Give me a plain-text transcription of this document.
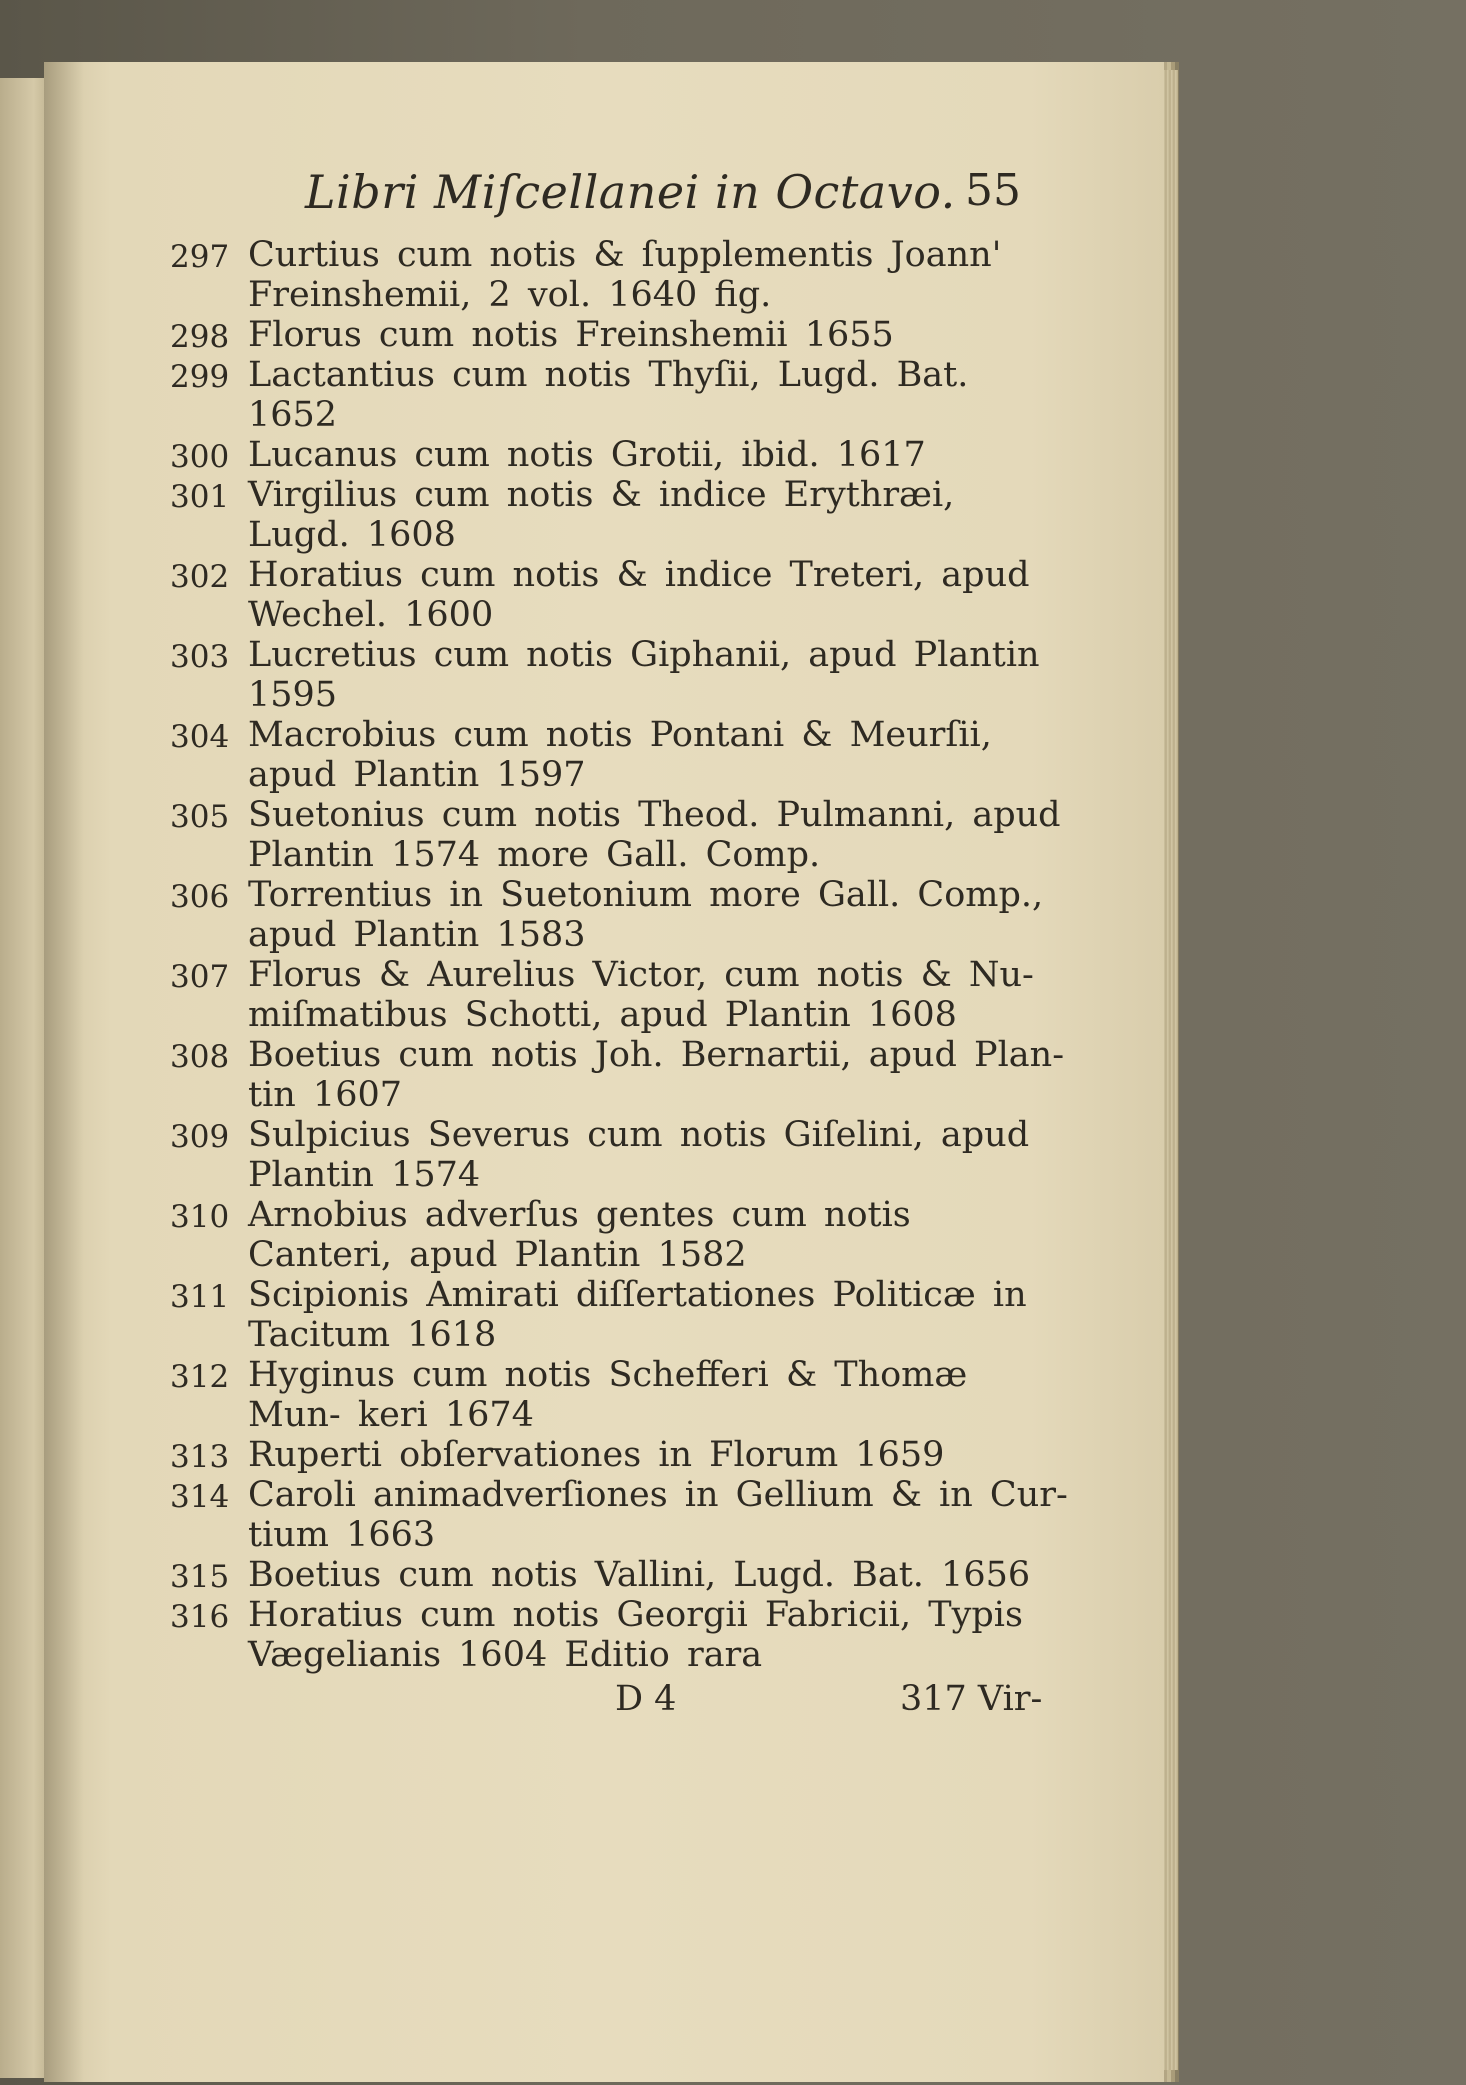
Libri Miſcellanei in Octavo. 55
297 Curtius cum notis & ſupplementis Joann' Freinshemii, 2 vol. 1640 fig.
298 Florus cum notis Freinshemii 1655
299 Lactantius cum notis Thyſii, Lugd. Bat. 1652
300 Lucanus cum notis Grotii, ibid. 1617
301 Virgilius cum notis & indice Erythræi, Lugd. 1608
302 Horatius cum notis & indice Treteri, apud Wechel. 1600
303 Lucretius cum notis Giphanii, apud Plantin 1595
304 Macrobius cum notis Pontani & Meurſii, apud Plantin 1597
305 Suetonius cum notis Theod. Pulmanni, apud Plantin 1574 more Gall. Comp.
306 Torrentius in Suetonium more Gall. Comp., apud Plantin 1583
307 Florus & Aurelius Victor, cum notis & Nu- miſmatibus Schotti, apud Plantin 1608
308 Boetius cum notis Joh. Bernartii, apud Plan- tin 1607
309 Sulpicius Severus cum notis Giſelini, apud Plantin 1574
310 Arnobius adverſus gentes cum notis Canteri, apud Plantin 1582
311 Scipionis Amirati diſſertationes Politicæ in Tacitum 1618
312 Hyginus cum notis Schefferi & Thomæ Mun- keri 1674
313 Ruperti obſervationes in Florum 1659
314 Caroli animadverſiones in Gellium & in Cur- tium 1663
315 Boetius cum notis Vallini, Lugd. Bat. 1656
316 Horatius cum notis Georgii Fabricii, Typis Vægelianis 1604 Editio rara
D 4	317 Vir-
